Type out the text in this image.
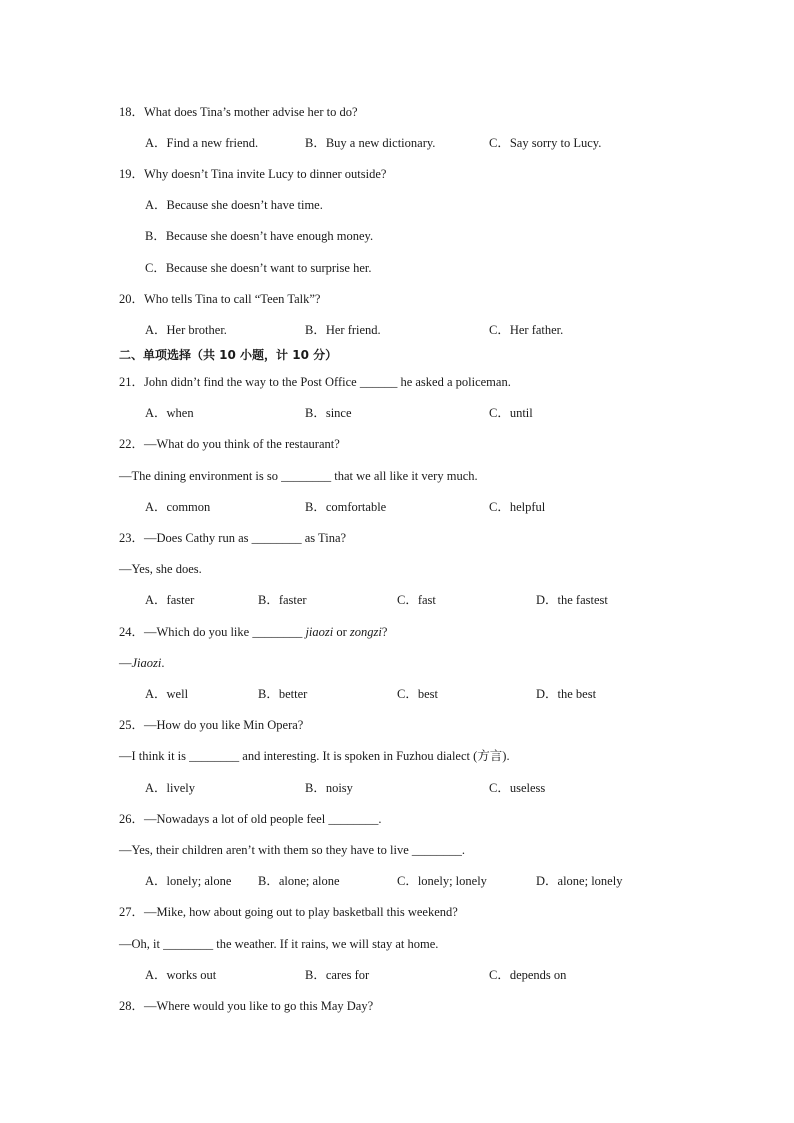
18．What does Tina’s mother advise her to do?
A．Find a new friend.	B．Buy a new dictionary.	C．Say sorry to Lucy.
19．Why doesn’t Tina invite Lucy to dinner outside?
A．Because she doesn’t have time.
B．Because she doesn’t have enough money.
C．Because she doesn’t want to surprise her.
20．Who tells Tina to call “Teen Talk”?
A．Her brother.	B．Her friend.	C．Her father.
二、单项选择（共 10 小题，计 10 分）
21．John didn’t find the way to the Post Office ______ he asked a policeman.
A．when	B．since	C．until
22．—What do you think of the restaurant?
—The dining environment is so ________ that we all like it very much.
A．common	B．comfortable	C．helpful
23．—Does Cathy run as ________ as Tina?
—Yes, she does.
A．faster	B．faster	C．fast	D．the fastest
24．—Which do you like ________ jiaozi or zongzi?
—Jiaozi.
A．well	B．better	C．best	D．the best
25．—How do you like Min Opera?
—I think it is ________ and interesting. It is spoken in Fuzhou dialect (方言).
A．lively	B．noisy	C．useless
26．—Nowadays a lot of old people feel ________.
—Yes, their children aren’t with them so they have to live ________.
A．lonely; alone B．alone; alone	C．lonely; lonely	D．alone; lonely
27．—Mike, how about going out to play basketball this weekend?
—Oh, it ________ the weather. If it rains, we will stay at home.
A．works out	B．cares for	C．depends on
28．—Where would you like to go this May Day?
